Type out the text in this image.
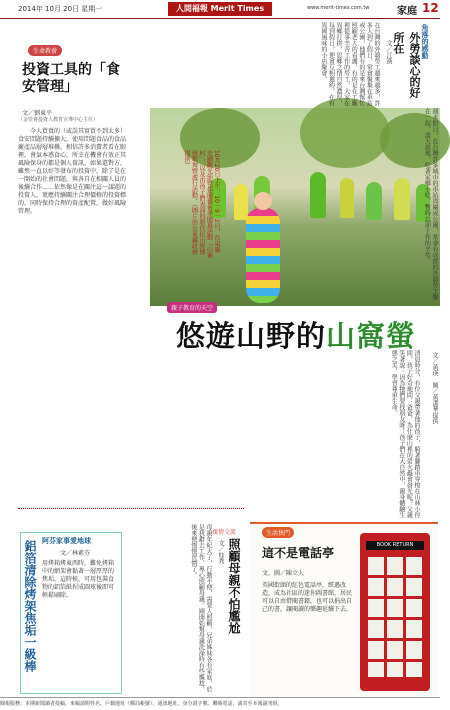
2014年 10月 20日 星期一	人間福報 Merit Times	www.merit-times.com.tw	家庭 12
生命教養
投資工具的「食安管理」
文／劉東平
（金管會投資人教育宣導中心主任）
今人買賣的（或誤其實買不到太多）食安問題持續擴大，使用問題食品的食品廠產品層層堆疊，相信許多消費者看在眼裡，會氣本惑食心，所幸在機會有效正其風險保身的都是個人資訊，如果還對方，雖然一直以好等發布的投資中，除了是在一開始的社會問題，與各自在相關人員的後續合作……依然像是在關注這一議題的投資人，更應持續關注合理價格的投資標的，同時保持合理的資產配置，做好風險管理。
鋁箔清除烤架焦垢一級棒 阿芬家事愛地球
文／林素芬
用烤箱烤東西時，難免烤箱中的網架會黏著一層厚厚的焦垢，這時候，可用包裝食物的鋁箔紙捏成圓球後即可輕鬆刷除。
10月20日上午，10一9一2日，台東縣史蹟觀光節暨都蘭藝術季開幕活動「山寨村」，以及由孩子們表演的原住民山野傳統歌舞暨遊行活動。（圖片由台東縣政府提供）
親子教育的天空
悠遊山野的山窩螢
角落的感動
外勞談心的好所在
文／江漢
在台灣的外籍勞工越來越多，許多人到了假日，常會聚集在車站或公園，他們有的是來台灣幫忙照顧老人的看護，有的是在工廠裡從事辛苦工作的勞工，大家在異鄉打拼，思鄉之情自然濃厚，每到假日，便會互相邀約，在有異國風味的小店聚會。
週末假日，在台灣許多城市的車站周圍或公園，常會有成群的外籍勞工聚在一起，談天說地，吃著家鄉小吃，暫時忘卻工作的辛勞。
文／黃瑛　圖／黃潔華提供
清晨時分，有位父親帶著他的孩子，騎著腳踏車穿梭在山林小徑間，孩子好奇地問：爸爸，為什麼山裡的螢火蟲會發光呢？父親笑著說：因為牠們要找朋友呀！孩子們在大自然中，親身體驗生態之美，學習尊重生命。
親情交流
照顧母親不怕尷尬
文／桂秀
母親年紀大了，行動不便，需要人照顧，兄弟姊妹各有家庭，於是我辭去工作，專心照顧母親。剛開始幫母親洗澡時有些尷尬，後來便慢慢習慣了。	生活快門
這不是電話亭
文、圖／陳立人
英國街頭的紅色電話亭，經過改造，成為社區的迷你圖書館，居民可以自由借閱書籍，也可以捐出自己的書，讓閱讀的樂趣延續下去。
BOOK RETURN
閱報服務：本期新聞讀者投稿，來稿請附姓名、戶籍地址（郵局帳號）、通訊地址、身分證字號、聯絡電話，請寄至本報副刊組。
